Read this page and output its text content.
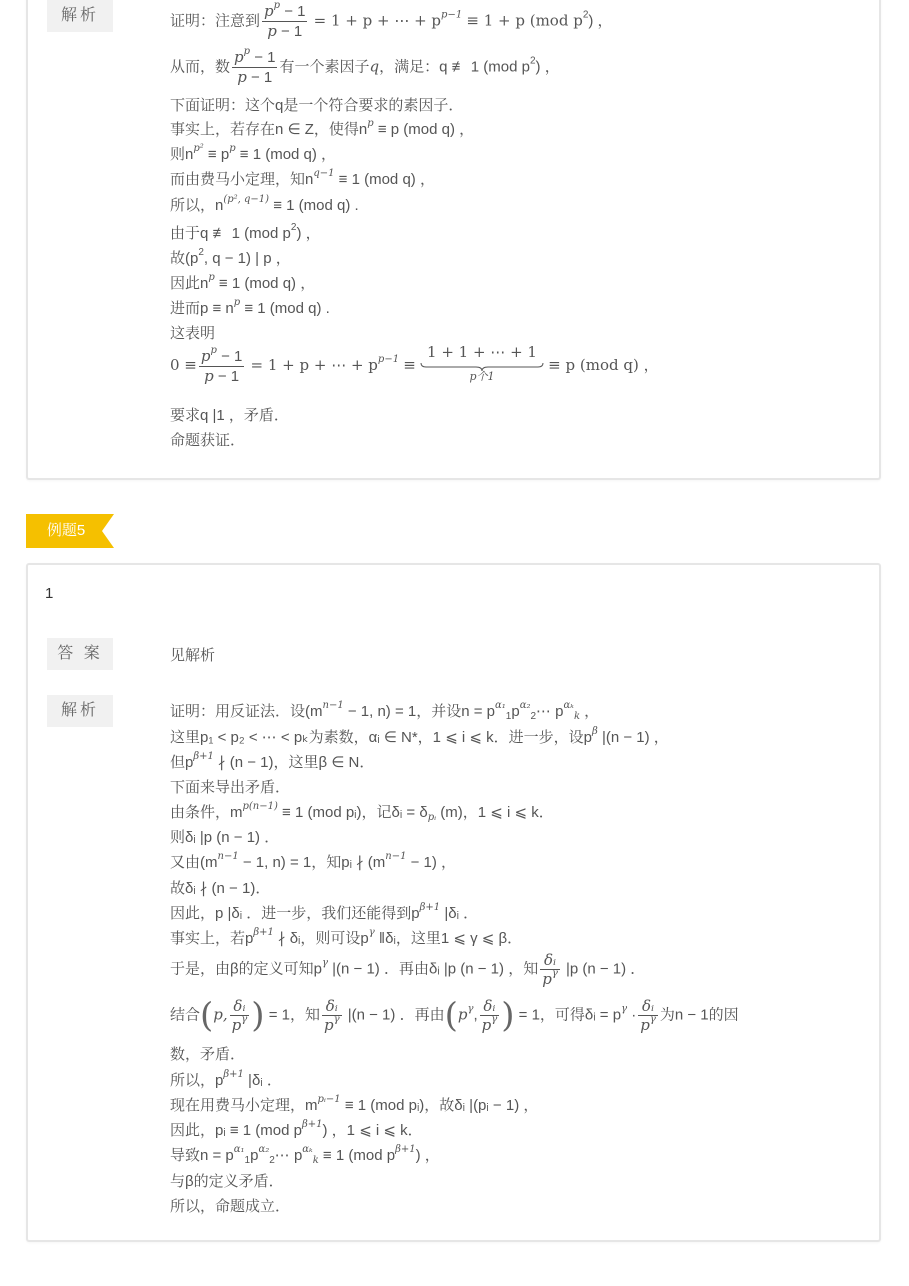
解析	证明：注意到 $\frac{p^p - 1}{p - 1} = 1 + p$ + ⋯ + $p^{p-1} \equiv 1 + p$ (mod $p^2$) ，
从而，数 $\frac{p^p - 1}{p - 1}$ 有一个素因子q，满足：q ≢ 1 (mod $p^2$) ，
下面证明：这个q是一个符合要求的素因子．
事实上，若存在n ∈ Z，使得$n^p \equiv p$ (mod q) ，
则$n^{p^2} \equiv p^p \equiv 1$ (mod q) ，
而由费马小定理，知$n^{q-1} \equiv 1$ (mod q) ，
所以，$n^{(p^2, q-1)} \equiv 1$ (mod q) .
由于q ≢ 1 (mod $p^2$) ，
故($p^2$, q − 1) | p ，
因此$n^p \equiv 1$ (mod q) ，
进而$p \equiv n^p \equiv 1$ (mod q) .
这表明
$0 \equiv \frac{p^p - 1}{p - 1} = 1 + p$ + ⋯ + $p^{p-1}$ ≡
1 + 1 + ⋯ + 1
p个1
≡ p (mod q) ，
要求q |1 ，矛盾．
命题获证．
例题5
1
答 案	见解析
解析	证明：用反证法．设($m^{n-1} - 1$, n) = 1，并设$n = p^{\alpha_1}_1p^{\alpha_2}_2\cdots$ $p^{\alpha_k}_k$ ，
这里p₁ < p₂ < ⋯ < pₖ为素数，αᵢ ∈ N*，1 ⩽ i ⩽ k．进一步，设$p^\beta$ |(n − 1) ，
但$p^{\beta+1}$ ∤ (n − 1)，这里β ∈ N．
下面来导出矛盾．
由条件，$m^{p(n-1)} \equiv 1$ (mod pᵢ)，记δᵢ = $\delta_{pᵢ}$ (m)，1 ⩽ i ⩽ k．
则δᵢ |p (n − 1) ．
又由($m^{n-1} - 1$, n) = 1，知pᵢ ∤ $(m^{n-1} - 1)$ ，
故δᵢ ∤ (n − 1)．
因此，p |δᵢ ．进一步，我们还能得到$p^{\beta+1}$ |δᵢ ．
事实上，若$p^{\beta+1}$ ∤ δᵢ，则可设$p^\gamma$ ‖δᵢ，这里1 ⩽ γ ⩽ β．
于是，由β的定义可知$p^\gamma$ |(n − 1) ．再由δᵢ |p (n − 1) ，知 $\frac{\text{δᵢ}}{p^\gamma} |p$ (n − 1) ．
结合(p, $\frac{\text{δᵢ}}{p^\gamma}$ ) = 1，知 $\frac{\text{δᵢ}}{p^\gamma} |(n - 1)$ ．再由($p^\gamma$, $\frac{\text{δᵢ}}{p^\gamma}$ ) = 1，可得δᵢ = $p^\gamma \cdot \frac{\text{δᵢ}}{p^\gamma}$ 为n − 1的因
数，矛盾．
所以，$p^{\beta+1}$ |δᵢ ．
现在用费马小定理，$m^{pᵢ-1} \equiv 1$ (mod pᵢ)，故δᵢ |(pᵢ − 1) ，
因此，pᵢ ≡ 1 (mod $p^{\beta+1}$) ，1 ⩽ i ⩽ k．
导致$n = p^{\alpha_1}_1p^{\alpha_2}_2\cdots$ $p^{\alpha_k}_k \equiv 1$ (mod $p^{\beta+1}$) ，
与β的定义矛盾．
所以，命题成立．
